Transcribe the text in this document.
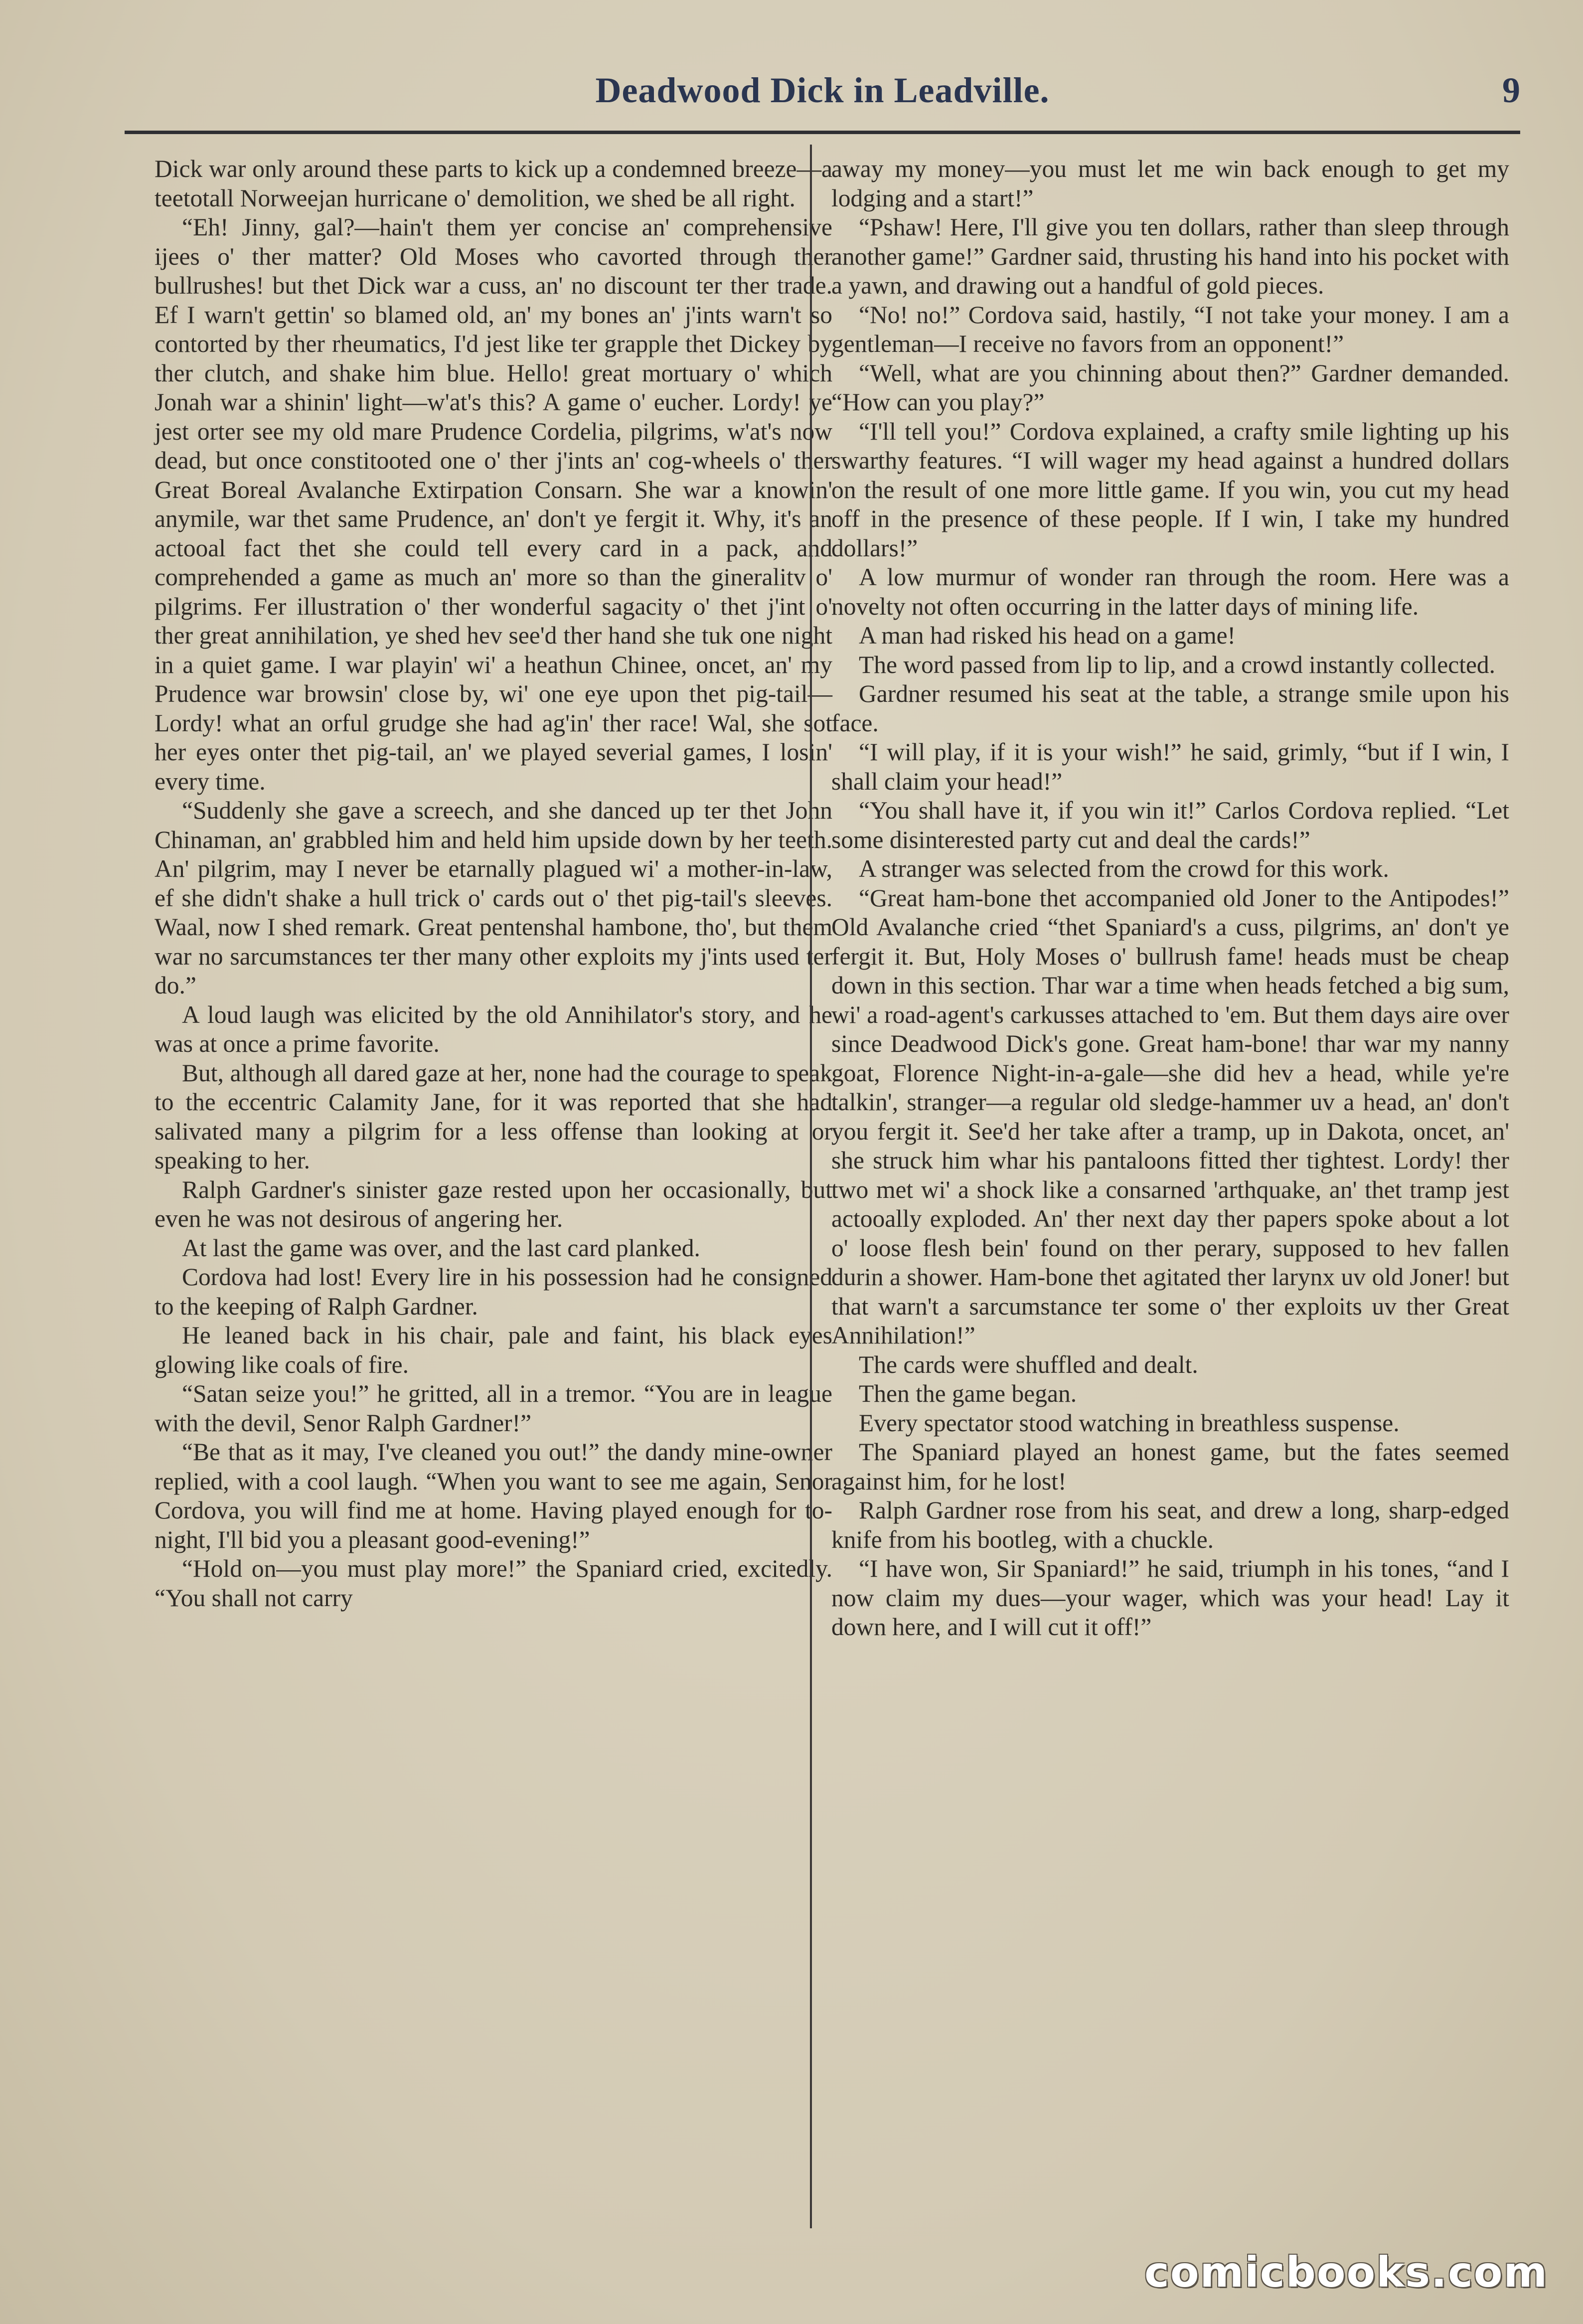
Deadwood Dick in Leadville.	9

Dick war only around these parts to kick up a condemned breeze—a teetotall Norweejan hurricane o' demolition, we shed be all right.

“Eh! Jinny, gal?—hain't them yer concise an' comprehensive ijees o' ther matter? Old Moses who cavorted through ther bullrushes! but thet Dick war a cuss, an' no discount ter ther trade. Ef I warn't gettin' so blamed old, an' my bones an' j'ints warn't so contorted by ther rheumatics, I'd jest like ter grapple thet Dickey by ther clutch, and shake him blue. Hello! great mortuary o' which Jonah war a shinin' light—w'at's this? A game o' eucher. Lordy! ye jest orter see my old mare Prudence Cordelia, pilgrims, w'at's now dead, but once constitooted one o' ther j'ints an' cog-wheels o' ther Great Boreal Avalanche Extirpation Consarn. She war a knowin' anymile, war thet same Prudence, an' don't ye fergit it. Why, it's an actooal fact thet she could tell every card in a pack, and comprehended a game as much an' more so than the gineralitv o' pilgrims. Fer illustration o' ther wonderful sagacity o' thet j'int o' ther great annihilation, ye shed hev see'd ther hand she tuk one night in a quiet game. I war playin' wi' a heathun Chinee, oncet, an' my Prudence war browsin' close by, wi' one eye upon thet pig-tail—Lordy! what an orful grudge she had ag'in' ther race! Wal, she sot her eyes onter thet pig-tail, an' we played severial games, I losin' every time.

“Suddenly she gave a screech, and she danced up ter thet John Chinaman, an' grabbled him and held him upside down by her teeth. An' pilgrim, may I never be etarnally plagued wi' a mother-in-law, ef she didn't shake a hull trick o' cards out o' thet pig-tail's sleeves. Waal, now I shed remark. Great pentenshal hambone, tho', but them war no sarcumstances ter ther many other exploits my j'ints used ter do.”

A loud laugh was elicited by the old Annihilator's story, and he was at once a prime favorite.

But, although all dared gaze at her, none had the courage to speak to the eccentric Calamity Jane, for it was reported that she had salivated many a pilgrim for a less offense than looking at or speaking to her.

Ralph Gardner's sinister gaze rested upon her occasionally, but even he was not desirous of angering her.

At last the game was over, and the last card planked.

Cordova had lost! Every lire in his possession had he consigned to the keeping of Ralph Gardner.

He leaned back in his chair, pale and faint, his black eyes glowing like coals of fire.

“Satan seize you!” he gritted, all in a tremor. “You are in league with the devil, Senor Ralph Gardner!”

“Be that as it may, I've cleaned you out!” the dandy mine-owner replied, with a cool laugh. “When you want to see me again, Senor Cordova, you will find me at home. Having played enough for to-night, I'll bid you a pleasant good-evening!”

“Hold on—you must play more!” the Spaniard cried, excitedly. “You shall not carry

away my money—you must let me win back enough to get my lodging and a start!”

“Pshaw! Here, I'll give you ten dollars, rather than sleep through another game!” Gardner said, thrusting his hand into his pocket with a yawn, and drawing out a handful of gold pieces.

“No! no!” Cordova said, hastily, “I not take your money. I am a gentleman—I receive no favors from an opponent!”

“Well, what are you chinning about then?” Gardner demanded. “How can you play?”

“I'll tell you!” Cordova explained, a crafty smile lighting up his swarthy features. “I will wager my head against a hundred dollars on the result of one more little game. If you win, you cut my head off in the presence of these people. If I win, I take my hundred dollars!”

A low murmur of wonder ran through the room. Here was a novelty not often occurring in the latter days of mining life.

A man had risked his head on a game!

The word passed from lip to lip, and a crowd instantly collected.

Gardner resumed his seat at the table, a strange smile upon his face.

“I will play, if it is your wish!” he said, grimly, “but if I win, I shall claim your head!”

“You shall have it, if you win it!” Carlos Cordova replied. “Let some disinterested party cut and deal the cards!”

A stranger was selected from the crowd for this work.

“Great ham-bone thet accompanied old Joner to the Antipodes!” Old Avalanche cried “thet Spaniard's a cuss, pilgrims, an' don't ye fergit it. But, Holy Moses o' bullrush fame! heads must be cheap down in this section. Thar war a time when heads fetched a big sum, wi' a road-agent's carkusses attached to 'em. But them days aire over since Deadwood Dick's gone. Great ham-bone! thar war my nanny goat, Florence Night-in-a-gale—she did hev a head, while ye're talkin', stranger—a regular old sledge-hammer uv a head, an' don't you fergit it. See'd her take after a tramp, up in Dakota, oncet, an' she struck him whar his pantaloons fitted ther tightest. Lordy! ther two met wi' a shock like a consarned 'arthquake, an' thet tramp jest actooally exploded. An' ther next day ther papers spoke about a lot o' loose flesh bein' found on ther perary, supposed to hev fallen durin a shower. Ham-bone thet agitated ther larynx uv old Joner! but that warn't a sarcumstance ter some o' ther exploits uv ther Great Annihilation!”

The cards were shuffled and dealt.

Then the game began.

Every spectator stood watching in breathless suspense.

The Spaniard played an honest game, but the fates seemed against him, for he lost!

Ralph Gardner rose from his seat, and drew a long, sharp-edged knife from his bootleg, with a chuckle.

“I have won, Sir Spaniard!” he said, triumph in his tones, “and I now claim my dues—your wager, which was your head! Lay it down here, and I will cut it off!”

comicbooks.com
